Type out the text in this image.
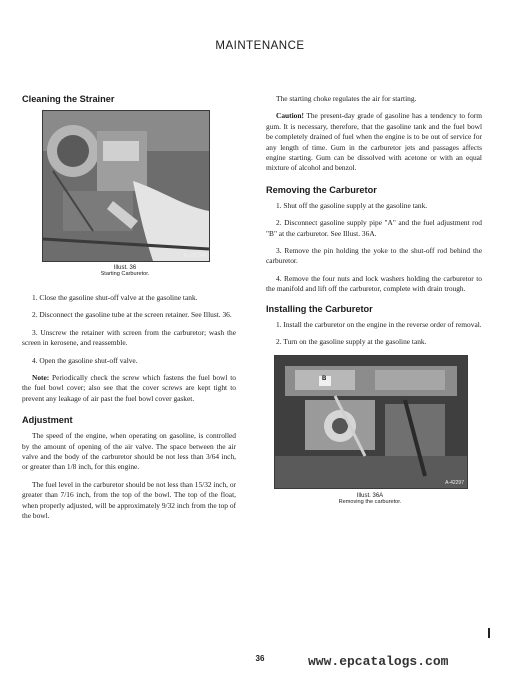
MAINTENANCE
Cleaning the Strainer
A-13774A
Illust. 36
Starting Carburetor.

1. Close the gasoline shut-off valve at the gasoline tank.

2. Disconnect the gasoline tube at the screen retainer. See Illust. 36.

3. Unscrew the retainer with screen from the carburetor; wash the screen in kerosene, and reassemble.

4. Open the gasoline shut-off valve.

Note: Periodically check the screw which fastens the fuel bowl to the fuel bowl cover; also see that the cover screws are kept tight to prevent any leakage of air past the fuel bowl cover gasket.

Adjustment

The speed of the engine, when operating on gasoline, is controlled by the amount of opening of the air valve. The space between the air valve and the body of the carburetor should be not less than 3/64 inch, or greater than 1/8 inch, for this engine.

The fuel level in the carburetor should be not less than 15/32 inch, or greater than 7/16 inch, from the top of the bowl. The top of the float, when properly adjusted, will be approximately 9/32 inch from the top of the bowl.

The starting choke regulates the air for starting.

Caution! The present-day grade of gasoline has a tendency to form gum. It is necessary, therefore, that the gasoline tank and the fuel bowl be completely drained of fuel when the engine is to be out of service for any length of time. Gum in the carburetor jets and passages affects engine starting. Gum can be dissolved with acetone or with an equal mixture of alcohol and benzol.

Removing the Carburetor

1. Shut off the gasoline supply at the gasoline tank.

2. Disconnect gasoline supply pipe "A" and the fuel adjustment rod "B" at the carburetor. See Illust. 36A.

3. Remove the pin holding the yoke to the shut-off rod behind the carburetor.

4. Remove the four nuts and lock washers holding the carburetor to the manifold and lift off the carburetor, complete with drain trough.

Installing the Carburetor

1. Install the carburetor on the engine in the reverse order of removal.

2. Turn on the gasoline supply at the gasoline tank.

B
A-42297
Illust. 36A
Removing the carburetor.
36	www.epcatalogs.com
